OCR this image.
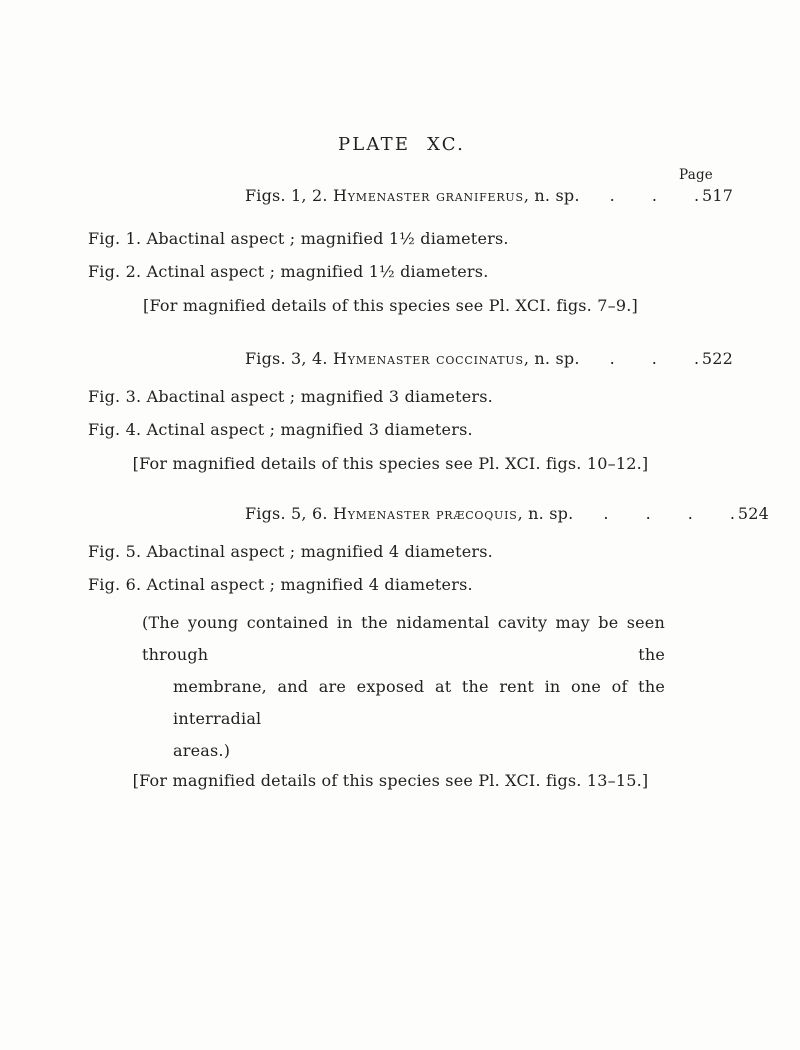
PLATE XC.
Page
Figs. 1, 2. Hymenaster graniferus , n. sp. . . . 517
Fig. 1. Abactinal aspect ; magnified 1½ diameters.
Fig. 2. Actinal aspect ; magnified 1½ diameters.
[For magnified details of this species see Pl. XCI. figs. 7–9.]
Figs. 3, 4. Hymenaster coccinatus , n. sp. . . . 522
Fig. 3. Abactinal aspect ; magnified 3 diameters.
Fig. 4. Actinal aspect ; magnified 3 diameters.
[For magnified details of this species see Pl. XCI. figs. 10–12.]
Figs. 5, 6. Hymenaster præcoquis , n. sp. . . . . 524
Fig. 5. Abactinal aspect ; magnified 4 diameters.
Fig. 6. Actinal aspect ; magnified 4 diameters.
(The young contained in the nidamental cavity may be seen through the
membrane, and are exposed at the rent in one of the interradial
areas.)
[For magnified details of this species see Pl. XCI. figs. 13–15.]
